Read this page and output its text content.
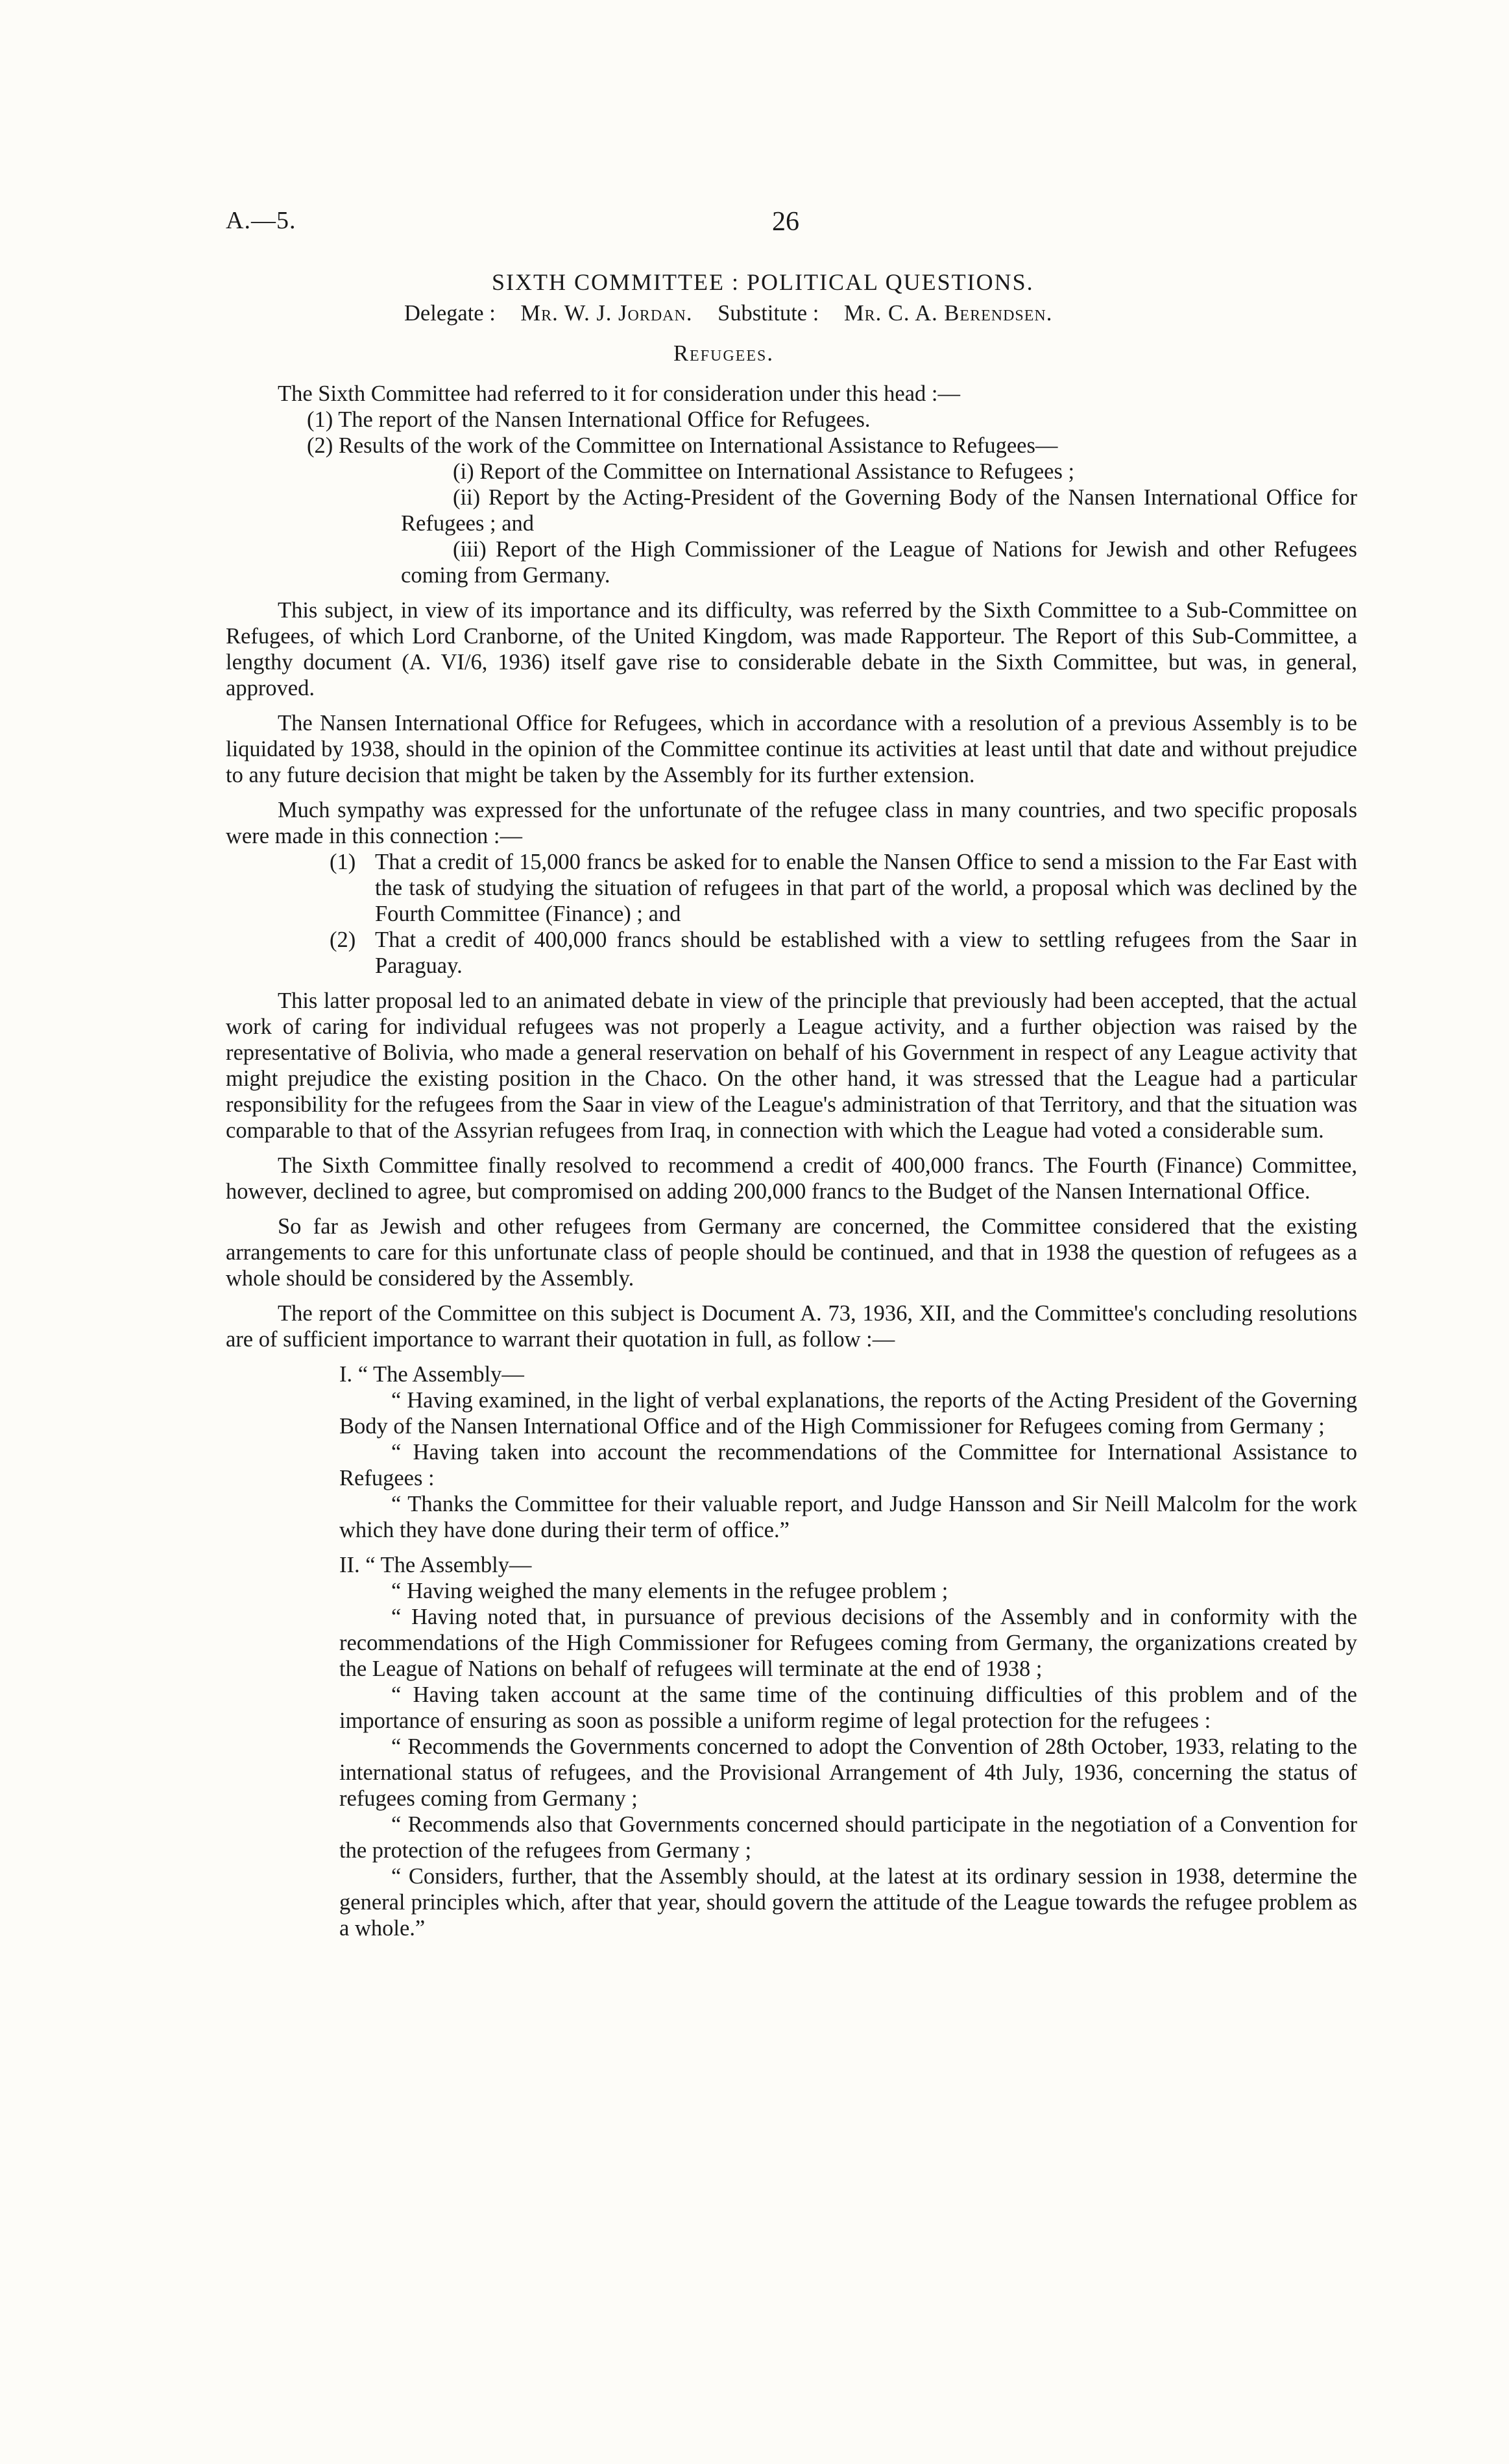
A.—5.	26
SIXTH COMMITTEE : POLITICAL QUESTIONS.
Delegate : Mr. W. J. Jordan. Substitute : Mr. C. A. Berendsen.
Refugees.

The Sixth Committee had referred to it for consideration under this head :—

(1) The report of the Nansen International Office for Refugees.

(2) Results of the work of the Committee on International Assistance to Refugees—

(i) Report of the Committee on International Assistance to Refugees ;

(ii) Report by the Acting-President of the Governing Body of the Nansen International Office for Refugees ; and

(iii) Report of the High Commissioner of the League of Nations for Jewish and other Refugees coming from Germany.

This subject, in view of its importance and its difficulty, was referred by the Sixth Committee to a Sub-Committee on Refugees, of which Lord Cranborne, of the United Kingdom, was made Rapporteur. The Report of this Sub-Committee, a lengthy document (A. VI/6, 1936) itself gave rise to considerable debate in the Sixth Committee, but was, in general, approved.

The Nansen International Office for Refugees, which in accordance with a resolution of a previous Assembly is to be liquidated by 1938, should in the opinion of the Committee continue its activities at least until that date and without prejudice to any future decision that might be taken by the Assembly for its further extension.

Much sympathy was expressed for the unfortunate of the refugee class in many countries, and two specific proposals were made in this connection :—

(1) That a credit of 15,000 francs be asked for to enable the Nansen Office to send a mission to the Far East with the task of studying the situation of refugees in that part of the world, a proposal which was declined by the Fourth Committee (Finance) ; and

(2) That a credit of 400,000 francs should be established with a view to settling refugees from the Saar in Paraguay.

This latter proposal led to an animated debate in view of the principle that previously had been accepted, that the actual work of caring for individual refugees was not properly a League activity, and a further objection was raised by the representative of Bolivia, who made a general reservation on behalf of his Government in respect of any League activity that might prejudice the existing position in the Chaco. On the other hand, it was stressed that the League had a particular responsibility for the refugees from the Saar in view of the League's administration of that Territory, and that the situation was comparable to that of the Assyrian refugees from Iraq, in connection with which the League had voted a considerable sum.

The Sixth Committee finally resolved to recommend a credit of 400,000 francs. The Fourth (Finance) Committee, however, declined to agree, but compromised on adding 200,000 francs to the Budget of the Nansen International Office.

So far as Jewish and other refugees from Germany are concerned, the Committee considered that the existing arrangements to care for this unfortunate class of people should be continued, and that in 1938 the question of refugees as a whole should be considered by the Assembly.

The report of the Committee on this subject is Document A. 73, 1936, XII, and the Committee's concluding resolutions are of sufficient importance to warrant their quotation in full, as follow :—

I. “ The Assembly—

“ Having examined, in the light of verbal explanations, the reports of the Acting President of the Governing Body of the Nansen International Office and of the High Commissioner for Refugees coming from Germany ;

“ Having taken into account the recommendations of the Committee for International Assistance to Refugees :

“ Thanks the Committee for their valuable report, and Judge Hansson and Sir Neill Malcolm for the work which they have done during their term of office.”

II. “ The Assembly—

“ Having weighed the many elements in the refugee problem ;

“ Having noted that, in pursuance of previous decisions of the Assembly and in conformity with the recommendations of the High Commissioner for Refugees coming from Germany, the organizations created by the League of Nations on behalf of refugees will terminate at the end of 1938 ;

“ Having taken account at the same time of the continuing difficulties of this problem and of the importance of ensuring as soon as possible a uniform regime of legal protection for the refugees :

“ Recommends the Governments concerned to adopt the Convention of 28th October, 1933, relating to the international status of refugees, and the Provisional Arrangement of 4th July, 1936, concerning the status of refugees coming from Germany ;

“ Recommends also that Governments concerned should participate in the negotiation of a Convention for the protection of the refugees from Germany ;

“ Considers, further, that the Assembly should, at the latest at its ordinary session in 1938, determine the general principles which, after that year, should govern the attitude of the League towards the refugee problem as a whole.”
